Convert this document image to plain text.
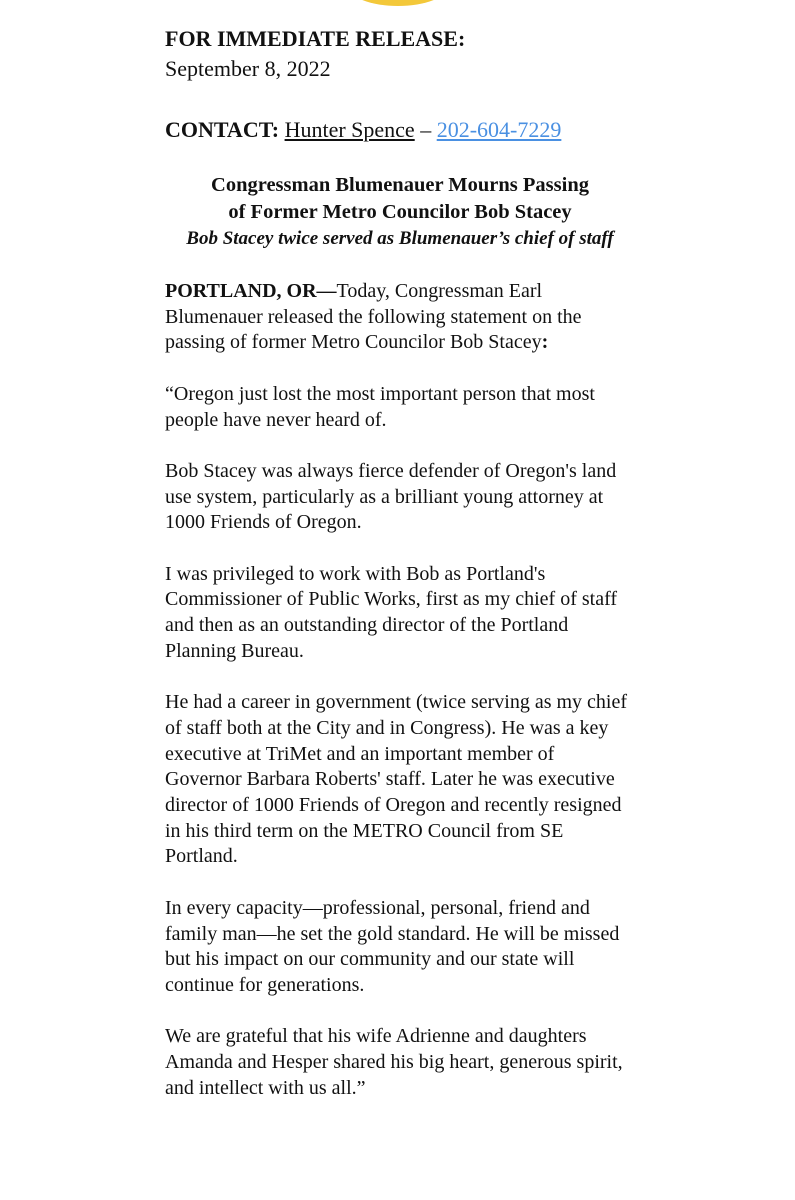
FOR IMMEDIATE RELEASE:

September 8, 2022

CONTACT: Hunter Spence – 202-604-7229

Congressman Blumenauer Mourns Passing
of Former Metro Councilor Bob Stacey

Bob Stacey twice served as Blumenauer’s chief of staff

PORTLAND, OR—Today, Congressman Earl Blumenauer released the following statement on the passing of former Metro Councilor Bob Stacey:

“Oregon just lost the most important person that most people have never heard of.

Bob Stacey was always fierce defender of Oregon's land use system, particularly as a brilliant young attorney at 1000 Friends of Oregon.

I was privileged to work with Bob as Portland's Commissioner of Public Works, first as my chief of staff and then as an outstanding director of the Portland Planning Bureau.

He had a career in government (twice serving as my chief of staff both at the City and in Congress). He was a key executive at TriMet and an important member of Governor Barbara Roberts' staff. Later he was executive director of 1000 Friends of Oregon and recently resigned in his third term on the METRO Council from SE Portland.

In every capacity—professional, personal, friend and family man—he set the gold standard. He will be missed but his impact on our community and our state will continue for generations.

We are grateful that his wife Adrienne and daughters Amanda and Hesper shared his big heart, generous spirit, and intellect with us all.”
